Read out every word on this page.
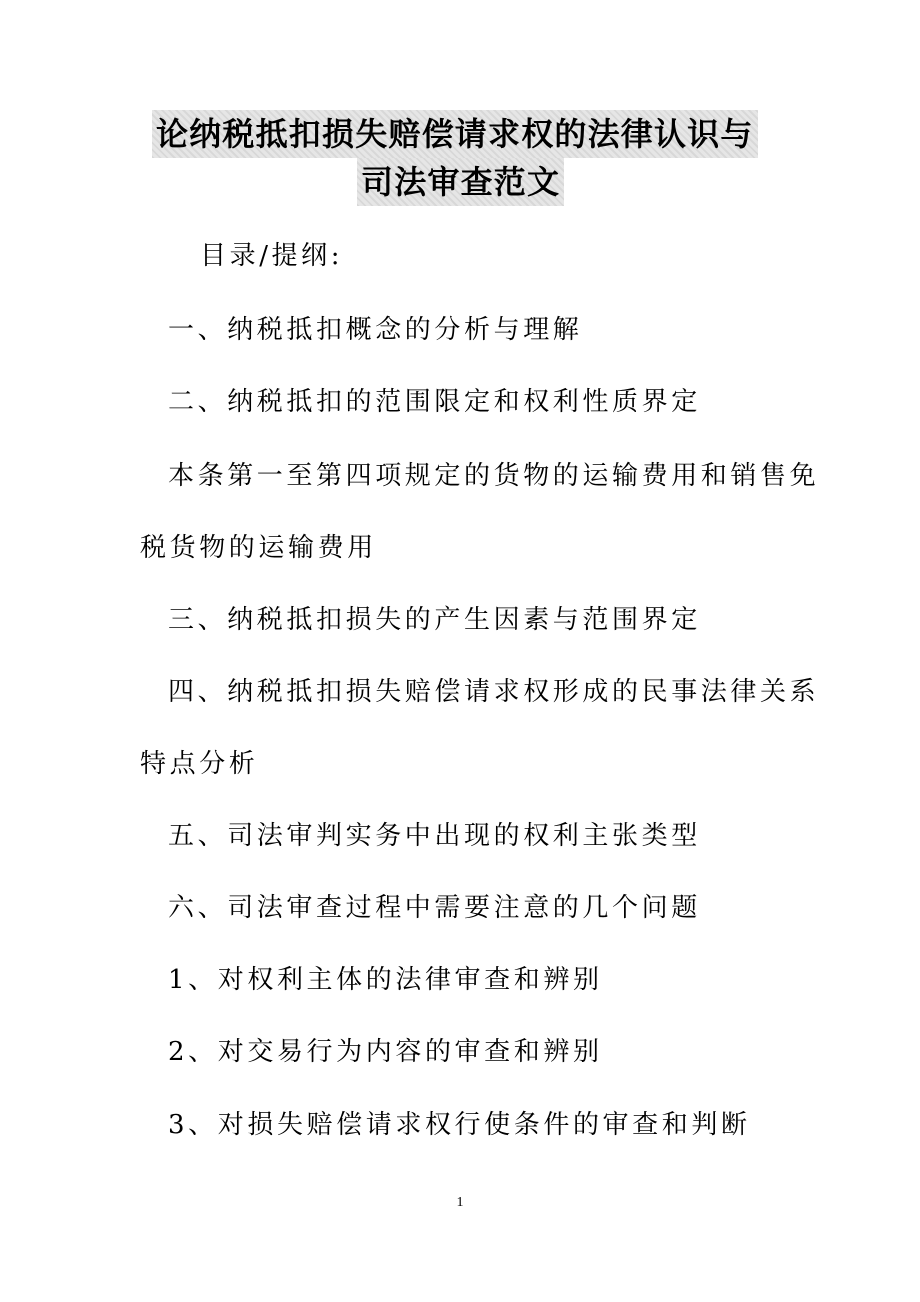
论纳税抵扣损失赔偿请求权的法律认识与
司法审查范文
目录/提纲:
一、纳税抵扣概念的分析与理解
二、纳税抵扣的范围限定和权利性质界定
本条第一至第四项规定的货物的运输费用和销售免
税货物的运输费用
三、纳税抵扣损失的产生因素与范围界定
四、纳税抵扣损失赔偿请求权形成的民事法律关系
特点分析
五、司法审判实务中出现的权利主张类型
六、司法审查过程中需要注意的几个问题
1、对权利主体的法律审查和辨别
2、对交易行为内容的审查和辨别
3、对损失赔偿请求权行使条件的审查和判断
1
